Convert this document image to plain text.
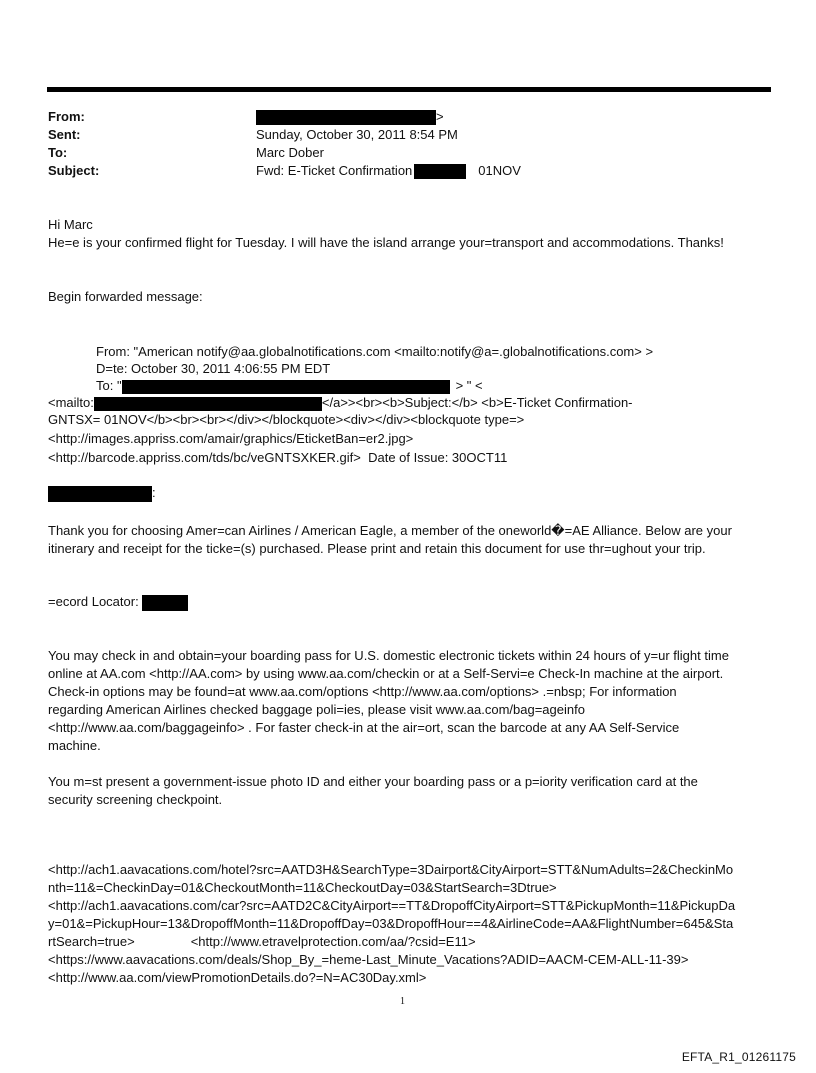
From:	>
Sent:	Sunday, October 30, 2011 8:54 PM
To:	Marc Dober
Subject:	Fwd: E-Ticket Confirmation	01NOV
Hi Marc
He=e is your confirmed flight for Tuesday. I will have the island arrange your=transport and accommodations. Thanks!
Begin forwarded message:
From: "American notify@aa.globalnotifications.com <mailto:notify@a=.globalnotifications.com> >
D=te: October 30, 2011 4:06:55 PM EDT
To: "	> " <
<mailto:	</a>><br><b>Subject:</b> <b>E-Ticket Confirmation-
GNTSX= 01NOV</b><br><br></div></blockquote><div></div><blockquote type=>
<http://images.appriss.com/amair/graphics/EticketBan=er2.jpg>
<http://barcode.appriss.com/tds/bc/veGNTSXKER.gif> Date of Issue: 30OCT11
:
Thank you for choosing Amer=can Airlines / American Eagle, a member of the oneworld�=AE Alliance. Below are your
itinerary and receipt for the ticke=(s) purchased. Please print and retain this document for use thr=ughout your trip.
=ecord Locator:
You may check in and obtain=your boarding pass for U.S. domestic electronic tickets within 24 hours of y=ur flight time
online at AA.com <http://AA.com> by using www.aa.com/checkin or at a Self-Servi=e Check-In machine at the airport.
Check-in options may be found=at www.aa.com/options <http://www.aa.com/options> .=nbsp; For information
regarding American Airlines checked baggage poli=ies, please visit www.aa.com/bag=ageinfo
<http://www.aa.com/baggageinfo> . For faster check-in at the air=ort, scan the barcode at any AA Self-Service
machine.
You m=st present a government-issue photo ID and either your boarding pass or a p=iority verification card at the
security screening checkpoint.
<http://ach1.aavacations.com/hotel?src=AATD3H&SearchType=3Dairport&CityAirport=STT&NumAdults=2&CheckinMo
nth=11&=CheckinDay=01&CheckoutMonth=11&CheckoutDay=03&StartSearch=3Dtrue>
<http://ach1.aavacations.com/car?src=AATD2C&CityAirport==TT&DropoffCityAirport=STT&PickupMonth=11&PickupDa
y=01&=PickupHour=13&DropoffMonth=11&DropoffDay=03&DropoffHour==4&AirlineCode=AA&FlightNumber=645&Sta
rtSearch=true>	<http://www.etravelprotection.com/aa/?csid=E11>
<https://www.aavacations.com/deals/Shop_By_=heme-Last_Minute_Vacations?ADID=AACM-CEM-ALL-11-39>
<http://www.aa.com/viewPromotionDetails.do?=N=AC30Day.xml>
1
EFTA_R1_01261175
